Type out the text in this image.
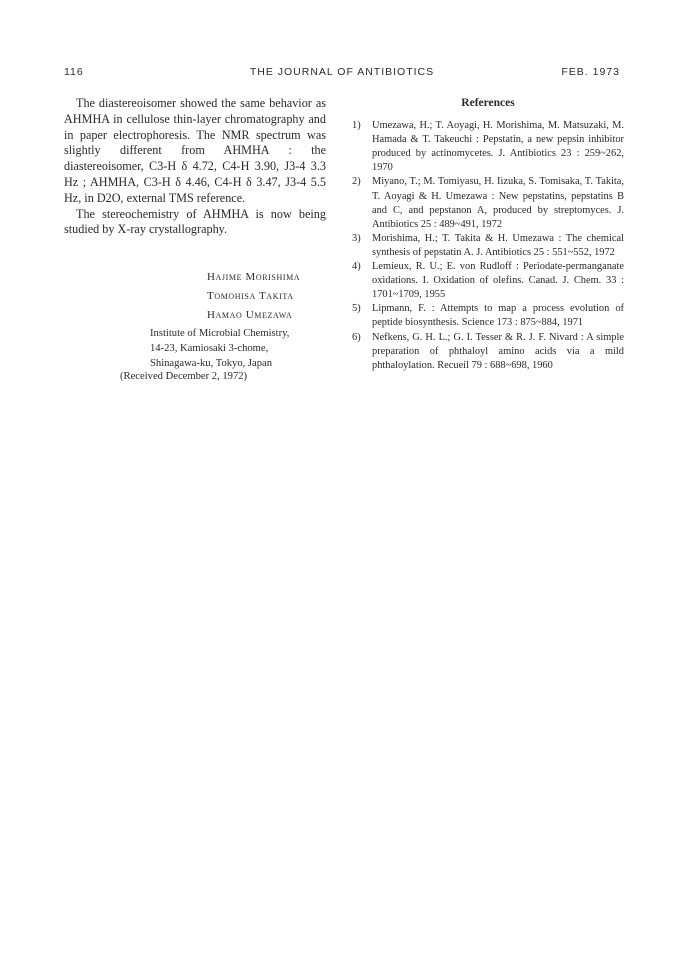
116	THE JOURNAL OF ANTIBIOTICS	FEB. 1973

The diastereoisomer showed the same behavior as AHMHA in cellulose thin-layer chromatography and in paper electrophoresis. The NMR spectrum was slightly different from AHMHA : the diastereoisomer, C3-H δ 4.72, C4-H 3.90, J3-4 3.3 Hz ; AHMHA, C3-H δ 4.46, C4-H δ 3.47, J3-4 5.5 Hz, in D2O, external TMS reference.

The stereochemistry of AHMHA is now being studied by X-ray crystallography.

Hajime Morishima
Tomohisa Takita
Hamao Umezawa
Institute of Microbial Chemistry,
14-23, Kamiosaki 3-chome,
Shinagawa-ku, Tokyo, Japan
(Received December 2, 1972)
References
1)	Umezawa, H.; T. Aoyagi, H. Morishima, M. Matsuzaki, M. Hamada & T. Takeuchi : Pepstatin, a new pepsin inhibitor produced by actinomycetes. J. Antibiotics 23 : 259~262, 1970
2)	Miyano, T.; M. Tomiyasu, H. Iizuka, S. Tomisaka, T. Takita, T. Aoyagi & H. Umezawa : New pepstatins, pepstatins B and C, and pepstanon A, produced by streptomyces. J. Antibiotics 25 : 489~491, 1972
3)	Morishima, H.; T. Takita & H. Umezawa : The chemical synthesis of pepstatin A. J. Antibiotics 25 : 551~552, 1972
4)	Lemieux, R. U.; E. von Rudloff : Periodate-permanganate oxidations. I. Oxidation of olefins. Canad. J. Chem. 33 : 1701~1709, 1955
5)	Lipmann, F. : Attempts to map a process evolution of peptide biosynthesis. Science 173 : 875~884, 1971
6)	Nefkens, G. H. L.; G. I. Tesser & R. J. F. Nivard : A simple preparation of phthaloyl amino acids via a mild phthaloylation. Recueil 79 : 688~698, 1960
